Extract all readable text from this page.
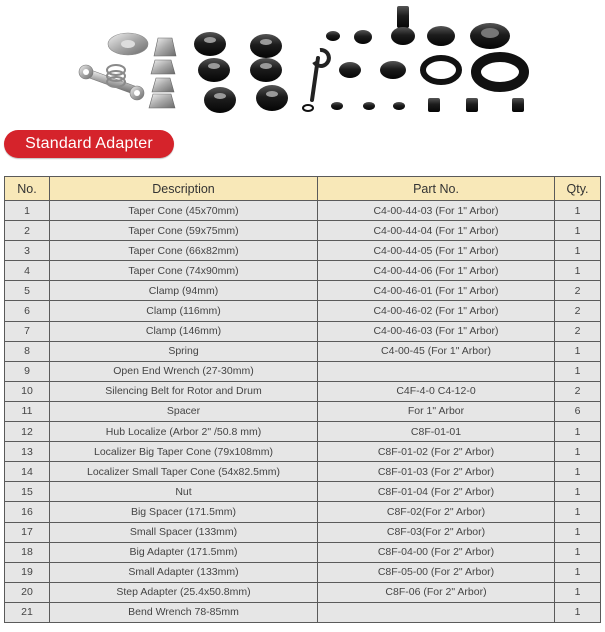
Standard Adapter
No.	Description	Part No.	Qty.
1	Taper Cone (45x70mm)	C4-00-44-03 (For 1" Arbor)	1
2	Taper Cone (59x75mm)	C4-00-44-04 (For 1" Arbor)	1
3	Taper Cone (66x82mm)	C4-00-44-05 (For 1" Arbor)	1
4	Taper Cone (74x90mm)	C4-00-44-06 (For 1" Arbor)	1
5	Clamp (94mm)	C4-00-46-01 (For 1" Arbor)	2
6	Clamp (116mm)	C4-00-46-02 (For 1" Arbor)	2
7	Clamp (146mm)	C4-00-46-03 (For 1" Arbor)	2
8	Spring	C4-00-45 (For 1" Arbor)	1
9	Open End Wrench (27-30mm)		1
10	Silencing Belt for Rotor and Drum	C4F-4-0 C4-12-0	2
11	Spacer	For 1" Arbor	6
12	Hub Localize (Arbor 2" /50.8 mm)	C8F-01-01	1
13	Localizer Big Taper Cone (79x108mm)	C8F-01-02 (For 2" Arbor)	1
14	Localizer Small Taper Cone (54x82.5mm)	C8F-01-03 (For 2" Arbor)	1
15	Nut	C8F-01-04 (For 2" Arbor)	1
16	Big Spacer (171.5mm)	C8F-02(For 2" Arbor)	1
17	Small Spacer (133mm)	C8F-03(For 2" Arbor)	1
18	Big Adapter (171.5mm)	C8F-04-00 (For 2" Arbor)	1
19	Small Adapter (133mm)	C8F-05-00 (For 2" Arbor)	1
20	Step Adapter (25.4x50.8mm)	C8F-06 (For 2" Arbor)	1
21	Bend Wrench 78-85mm		1
